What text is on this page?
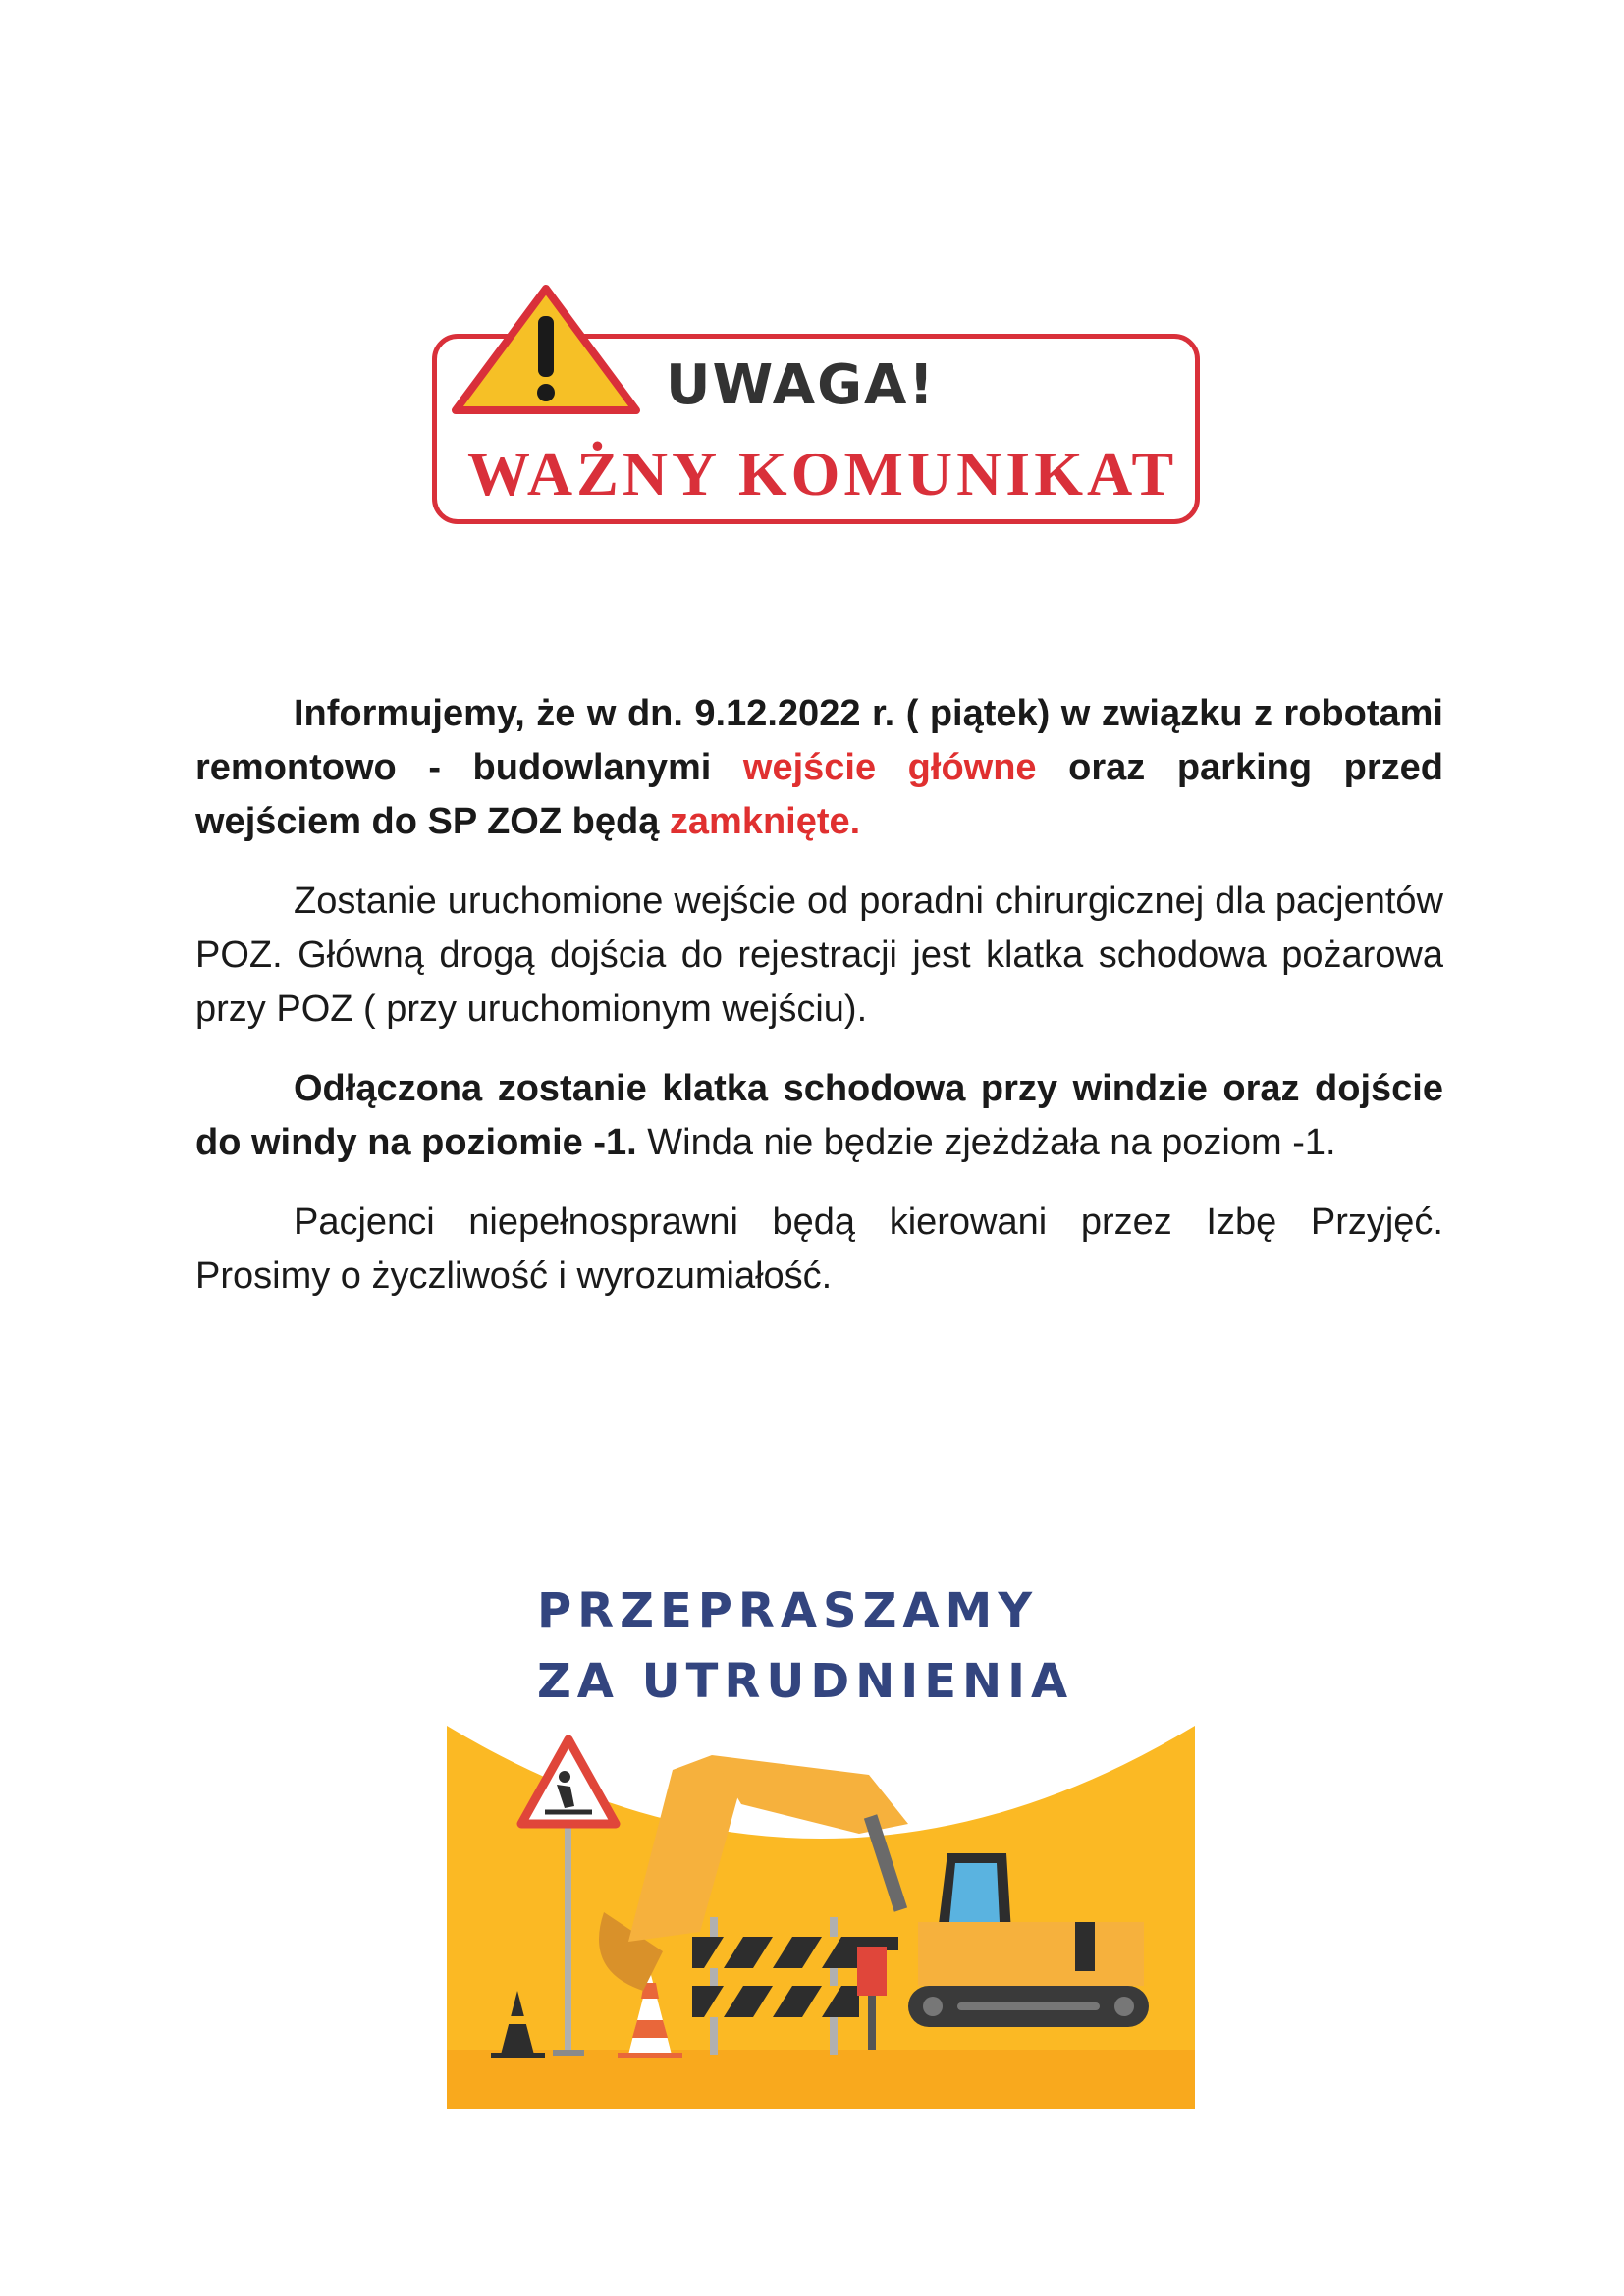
UWAGA!
WAŻNY KOMUNIKAT

Informujemy, że w dn. 9.12.2022 r. ( piątek) w związku z robotami remontowo - budowlanymi wejście główne oraz parking przed wejściem do SP ZOZ będą zamknięte.

Zostanie uruchomione wejście od poradni chirurgicznej dla pacjentów POZ. Główną drogą dojścia do rejestracji jest klatka schodowa pożarowa przy POZ ( przy uruchomionym wejściu).

Odłączona zostanie klatka schodowa przy windzie oraz dojście do windy na poziomie -1. Winda nie będzie zjeżdżała na poziom -1.

Pacjenci niepełnosprawni będą kierowani przez Izbę Przyjęć. Prosimy o życzliwość i wyrozumiałość.

PRZEPRASZAMY
ZA UTRUDNIENIA
